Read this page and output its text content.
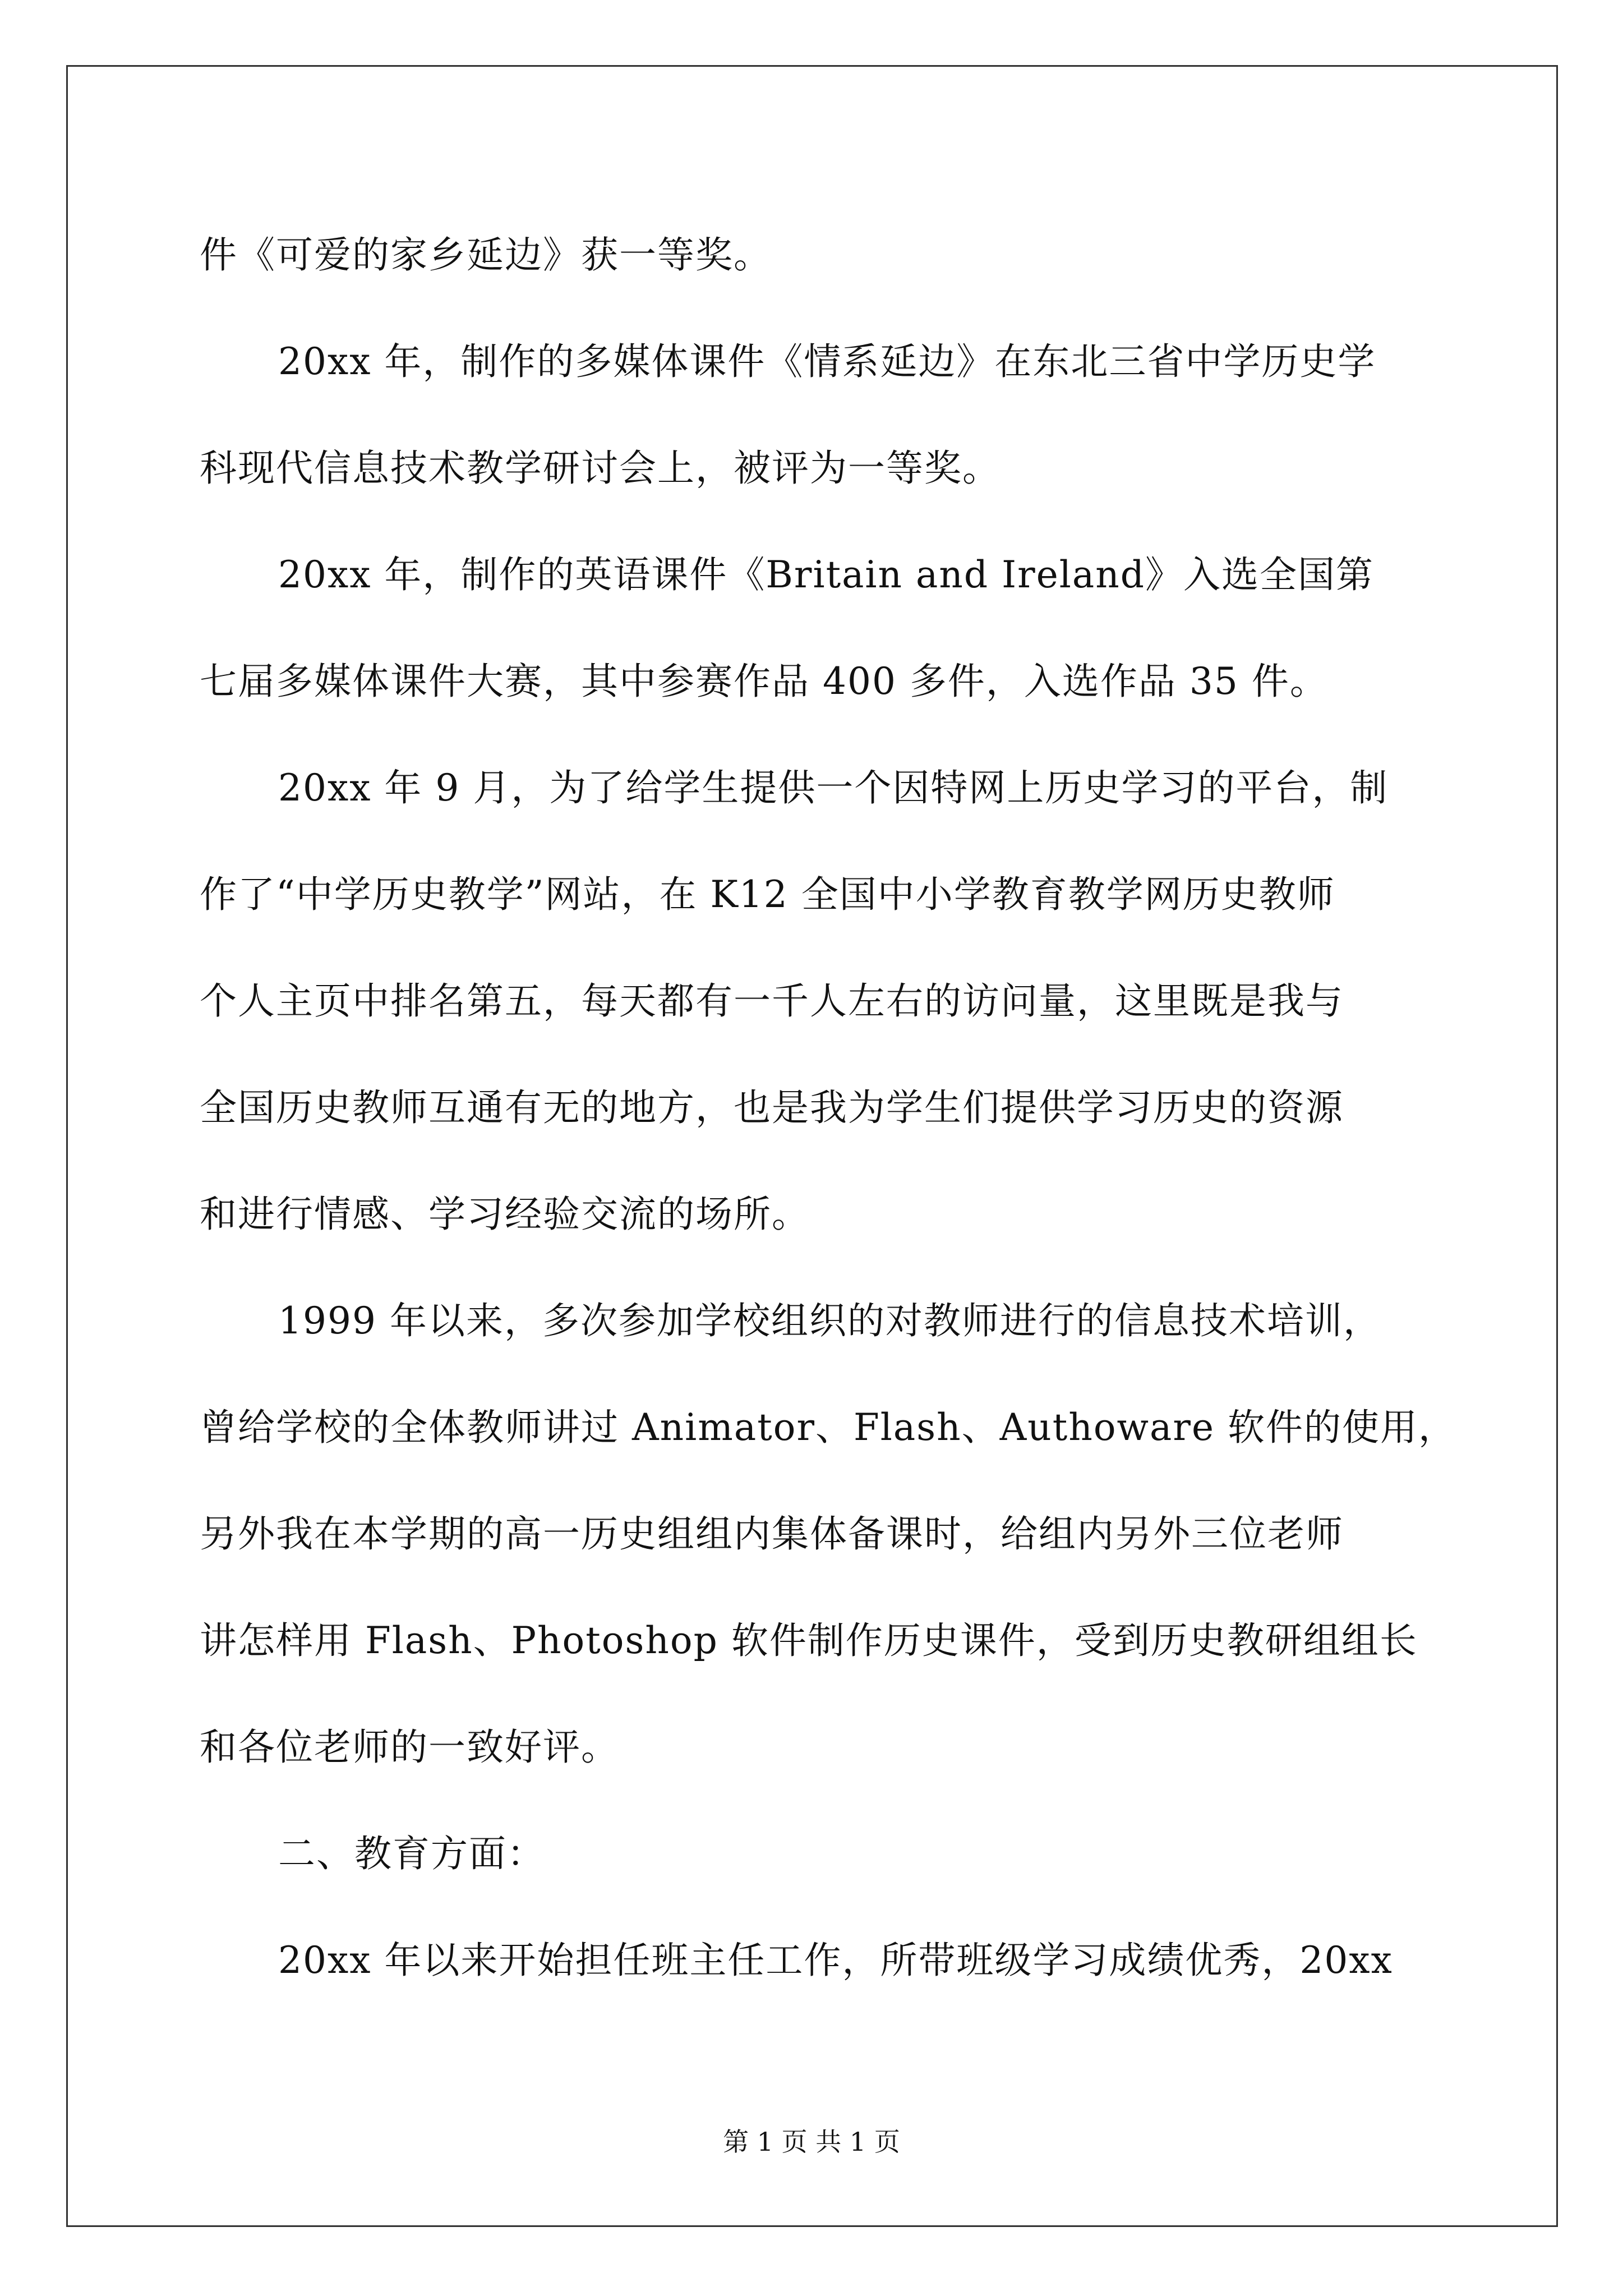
件《可爱的家乡延边》获一等奖。
20xx 年，制作的多媒体课件《情系延边》在东北三省中学历史学
科现代信息技术教学研讨会上，被评为一等奖。
20xx 年，制作的英语课件《Britain and Ireland》入选全国第
七届多媒体课件大赛，其中参赛作品 400 多件，入选作品 35 件。
20xx 年 9 月，为了给学生提供一个因特网上历史学习的平台，制
作了“中学历史教学”网站，在 K12 全国中小学教育教学网历史教师
个人主页中排名第五，每天都有一千人左右的访问量，这里既是我与
全国历史教师互通有无的地方，也是我为学生们提供学习历史的资源
和进行情感、学习经验交流的场所。
1999 年以来，多次参加学校组织的对教师进行的信息技术培训，
曾给学校的全体教师讲过 Animator、Flash、Authoware 软件的使用，
另外我在本学期的高一历史组组内集体备课时，给组内另外三位老师
讲怎样用 Flash、Photoshop 软件制作历史课件，受到历史教研组组长
和各位老师的一致好评。
二、教育方面：
20xx 年以来开始担任班主任工作，所带班级学习成绩优秀，20xx
第 1 页 共 1 页
